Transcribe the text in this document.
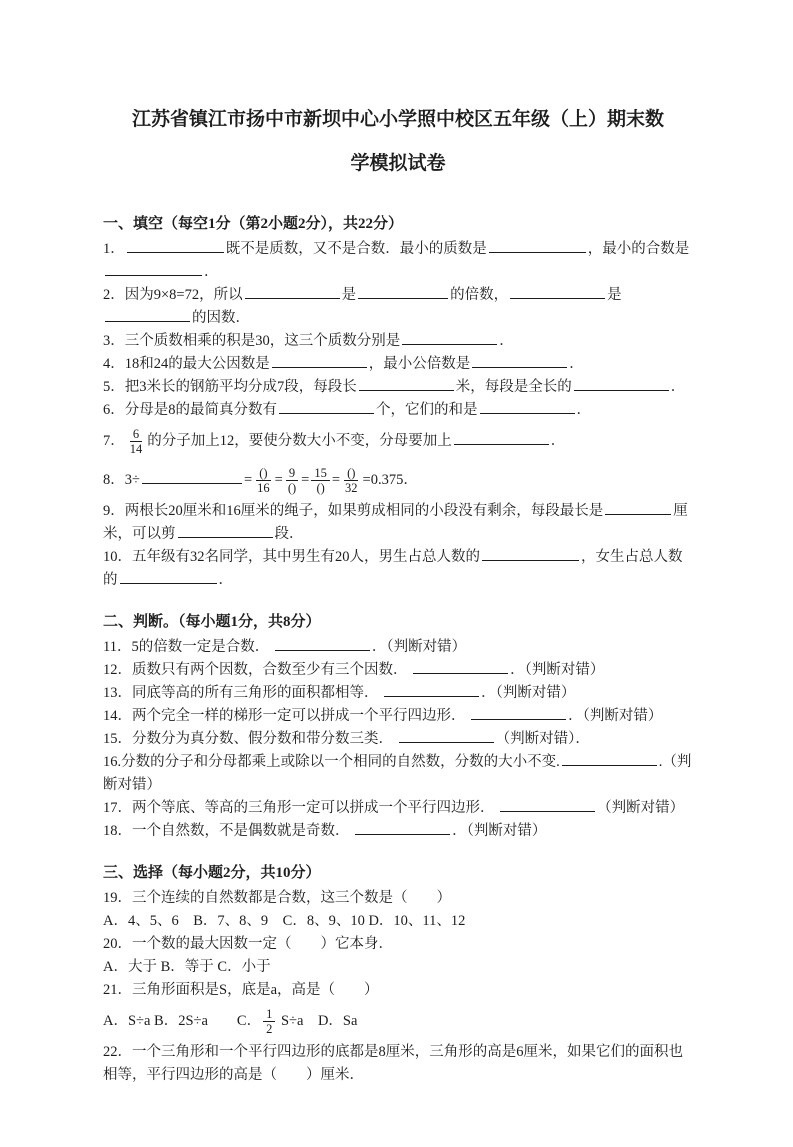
江苏省镇江市扬中市新坝中心小学照中校区五年级（上）期末数
学模拟试卷
一、填空（每空1分（第2小题2分），共22分）
1．	既不是质数，又不是合数．最小的质数是	，最小的合数是．
2．因为9×8=72，所以	是	的倍数，	是的因数．
3．三个质数相乘的积是30，这三个质数分别是	．
4．18和24的最大公因数是	，最小公倍数是	．
5．把3米长的钢筋平均分成7段，每段长	米，每段是全长的	．
6．分母是8的最简真分数有	个，它们的和是	．
7． $\frac{6}{14}$ 的分子加上12，要使分数大小不变，分母要加上	．
8．3÷	= $\frac{()}{16} = \frac{9}{()} = \frac{15}{()} = \frac{()}{32} =0.375$．
9．两根长20厘米和16厘米的绳子，如果剪成相同的小段没有剩余，每段最长是	厘米，可以剪	段．
10．五年级有32名同学，其中男生有20人，男生占总人数的	，女生占总人数的	．
二、判断。（每小题1分，共8分）
11．5的倍数一定是合数．	．（判断对错）
12．质数只有两个因数，合数至少有三个因数．	．（判断对错）
13．同底等高的所有三角形的面积都相等．	．（判断对错）
14．两个完全一样的梯形一定可以拼成一个平行四边形．	．（判断对错）
15．分数分为真分数、假分数和带分数三类．	（判断对错）．
16.分数的分子和分母都乘上或除以一个相同的自然数，分数的大小不变.	.（判断对错）
17．两个等底、等高的三角形一定可以拼成一个平行四边形．	（判断对错）
18．一个自然数，不是偶数就是奇数．	．（判断对错）
三、选择（每小题2分，共10分）
19．三个连续的自然数都是合数，这三个数是（　　）
A．4、5、6　B．7、8、9　C．8、9、10 D．10、11、12
20．一个数的最大因数一定（　　）它本身．
A．大于 B．等于 C．小于
21．三角形面积是S，底是a，高是（　　）
A．S÷a B．2S÷a　　C． $\frac{1}{2} S\div a$　D．Sa
22．一个三角形和一个平行四边形的底都是8厘米，三角形的高是6厘米，如果它们的面积也相等，平行四边形的高是（　　）厘米．
